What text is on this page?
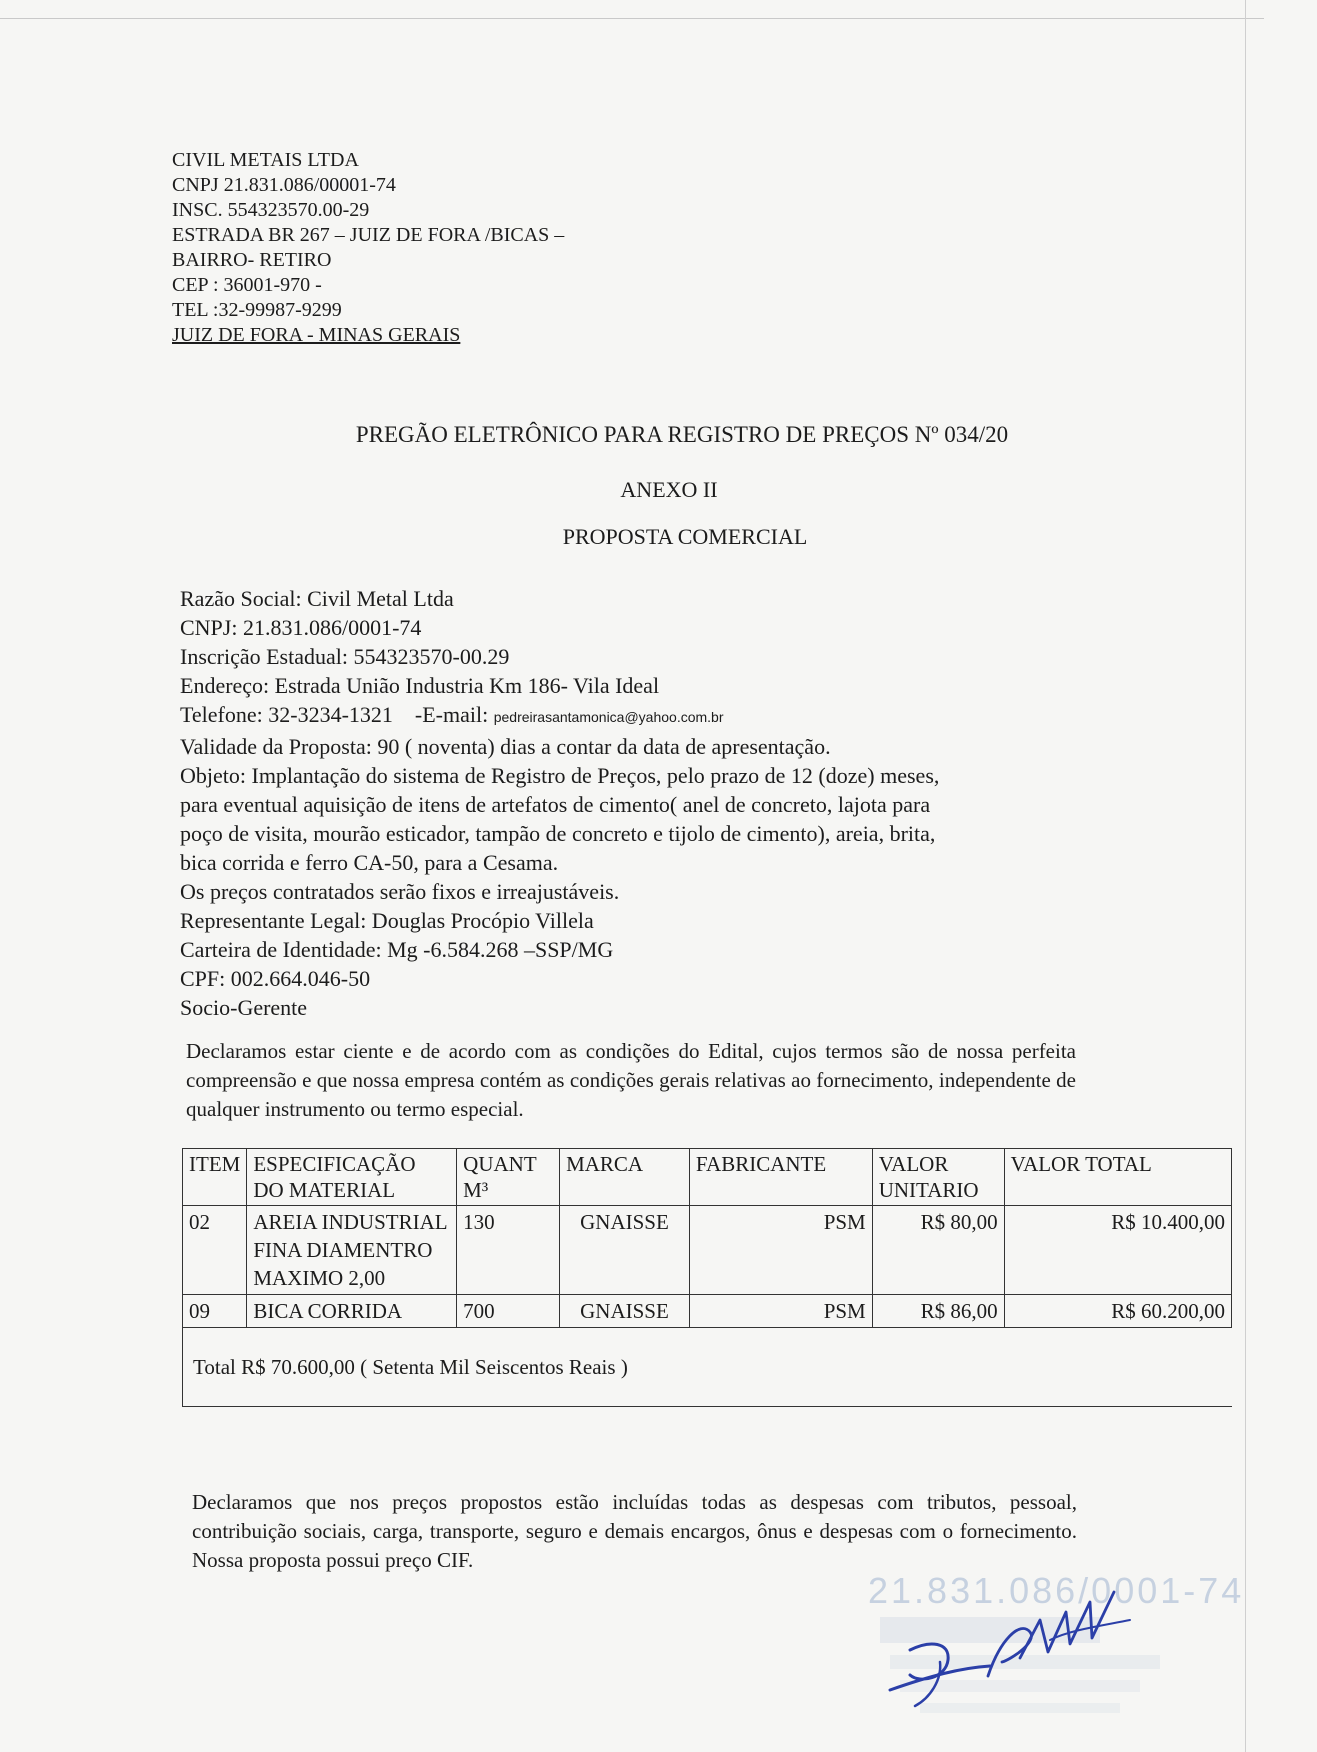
CIVIL METAIS LTDA
CNPJ 21.831.086/00001-74
INSC. 554323570.00-29
ESTRADA BR 267 – JUIZ DE FORA /BICAS –
BAIRRO- RETIRO
CEP : 36001-970 -
TEL :32-99987-9299
JUIZ DE FORA - MINAS GERAIS
PREGÃO ELETRÔNICO PARA REGISTRO DE PREÇOS Nº 034/20
ANEXO II
PROPOSTA COMERCIAL
Razão Social: Civil Metal Ltda
CNPJ: 21.831.086/0001-74
Inscrição Estadual: 554323570-00.29
Endereço: Estrada União Industria Km 186- Vila Ideal
Telefone: 32-3234-1321 -E-mail: pedreirasantamonica@yahoo.com.br
Validade da Proposta: 90 ( noventa) dias a contar da data de apresentação.
Objeto: Implantação do sistema de Registro de Preços, pelo prazo de 12 (doze) meses,
para eventual aquisição de itens de artefatos de cimento( anel de concreto, lajota para
poço de visita, mourão esticador, tampão de concreto e tijolo de cimento), areia, brita,
bica corrida e ferro CA-50, para a Cesama.
Os preços contratados serão fixos e irreajustáveis.
Representante Legal: Douglas Procópio Villela
Carteira de Identidade: Mg -6.584.268 –SSP/MG
CPF: 002.664.046-50
Socio-Gerente
Declaramos estar ciente e de acordo com as condições do Edital, cujos termos são de nossa perfeita compreensão e que nossa empresa contém as condições gerais relativas ao fornecimento, independente de qualquer instrumento ou termo especial.
ITEM	ESPECIFICAÇÃO DO MATERIAL	QUANT M³	MARCA	FABRICANTE	VALOR UNITARIO	VALOR TOTAL
02	AREIA INDUSTRIAL FINA DIAMENTRO MAXIMO 2,00	130	GNAISSE	PSM	R$ 80,00	R$ 10.400,00
09	BICA CORRIDA	700	GNAISSE	PSM	R$ 86,00	R$ 60.200,00
Total R$ 70.600,00 ( Setenta Mil Seiscentos Reais )						
Declaramos que nos preços propostos estão incluídas todas as despesas com tributos, pessoal, contribuição sociais, carga, transporte, seguro e demais encargos, ônus e despesas com o fornecimento. Nossa proposta possui preço CIF.
21.831.086/0001-74
